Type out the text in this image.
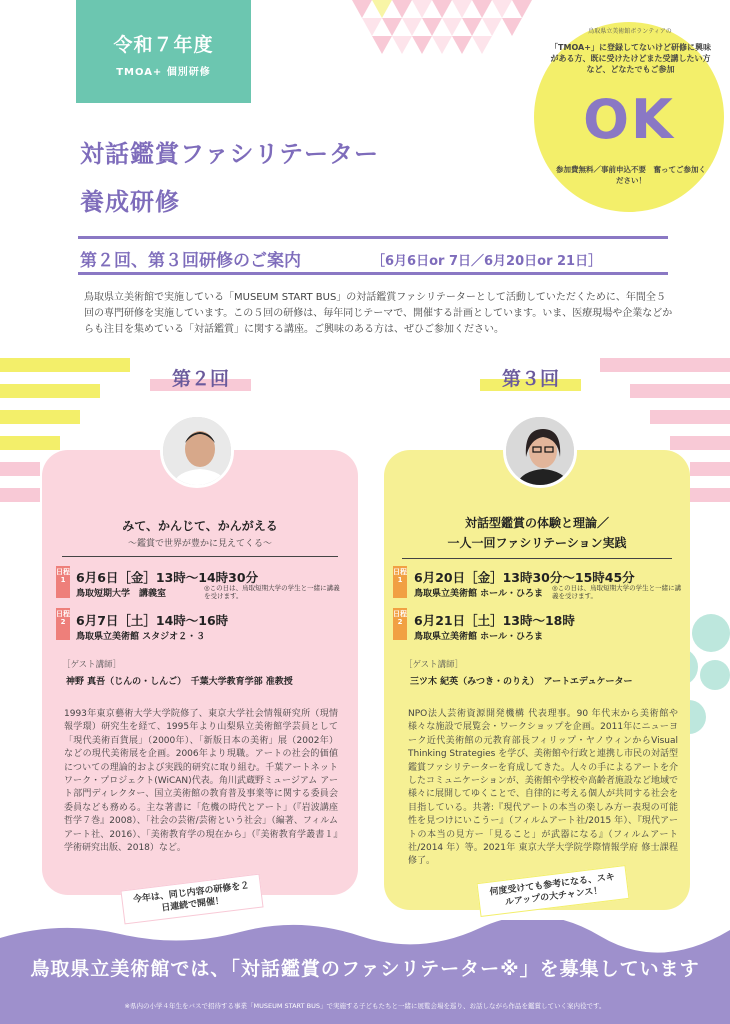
令和７年度
TMOA+ 個別研修
鳥取県立美術館ボランティアの
「TMOA+」に登録してないけど研修に興味がある方、既に受けたけどまた受講したい方など、どなたでもご参加
OK
参加費無料／事前申込不要　奮ってご参加ください！
対話鑑賞ファシリテーター
養成研修
第２回、第３回研修のご案内	［6月6日or 7日／6月20日or 21日］
鳥取県立美術館で実施している「MUSEUM START BUS」の対話鑑賞ファシリテーターとして活動していただくために、年間全５回の専門研修を実施しています。この５回の研修は、毎年同じテーマで、開催する計画としています。いま、医療現場や企業などからも注目を集めている「対話鑑賞」に関する講座。ご興味のある方は、ぜひご参加ください。
第２回	第３回
みて、かんじて、かんがえる
〜鑑賞で世界が豊かに見えてくる〜
日程1 6月6日［金］13時〜14時30分
鳥取短期大学　講義室
◎この日は、鳥取短期大学の学生と一緒に講義を受けます。
日程2 6月7日［土］14時〜16時
鳥取県立美術館 スタジオ２・３
［ゲスト講師］
神野 真吾（じんの・しんご）　千葉大学教育学部 准教授
1993年東京藝術大学大学院修了、東京大学社会情報研究所（現情報学環）研究生を経て、1995年より山梨県立美術館学芸員として「現代美術百貨展」（2000年）、「新版日本の美術」展（2002年）などの現代美術展を企画。2006年より現職。アートの社会的価値についての理論的および実践的研究に取り組む。千葉アートネットワーク・プロジェクト(WiCAN)代表。角川武蔵野ミュージアム アート部門ディレクター、国立美術館の教育普及事業等に関する委員会委員なども務める。主な著書に「危機の時代とアート」（『岩波講座 哲学７巻』2008）、「社会の芸術/芸術という社会」（編著、フィルムアート社、2016）、「美術教育学の現在から」（『美術教育学叢書１』学術研究出版、2018）など。
対話型鑑賞の体験と理論／
一人一回ファシリテーション実践
日程1 6月20日［金］13時30分〜15時45分
鳥取県立美術館 ホール・ひろま
◎この日は、鳥取短期大学の学生と一緒に講義を受けます。
日程2 6月21日［土］13時〜18時
鳥取県立美術館 ホール・ひろま
［ゲスト講師］
三ツ木 紀英（みつき・のりえ）　アートエデュケーター
NPO法人芸術資源開発機構 代表理事。90 年代末から美術館や様々な施設で展覧会・ワークショップを企画。2011年にニューヨーク近代美術館の元教育部長フィリップ・ヤノウィンからVisual Thinking Strategies を学び、美術館や行政と連携し市民の対話型鑑賞ファシリテーターを育成してきた。人々の手によるアートを介したコミュニケーションが、美術館や学校や高齢者施設など地域で様々に展開してゆくことで、自律的に考える個人が共同する社会を目指している。共著:『現代アートの本当の楽しみ方ー表現の可能性を見つけにいこうー』（フィルムアート社/2015 年）、『現代アートの本当の見方ー「見ること」が武器になる』（フィルムアート社/2014 年）等。2021年 東京大学大学院学際情報学府 修士課程修了。
今年は、同じ内容の研修を２日連続で開催！
何度受けても参考になる、スキルアップの大チャンス！
鳥取県立美術館では、「対話鑑賞のファシリテーター※」を募集しています
※県内の小学４年生をバスで招待する事業「MUSEUM START BUS」で実施する子どもたちと一緒に展覧会場を巡り、お話しながら作品を鑑賞していく案内役です。
